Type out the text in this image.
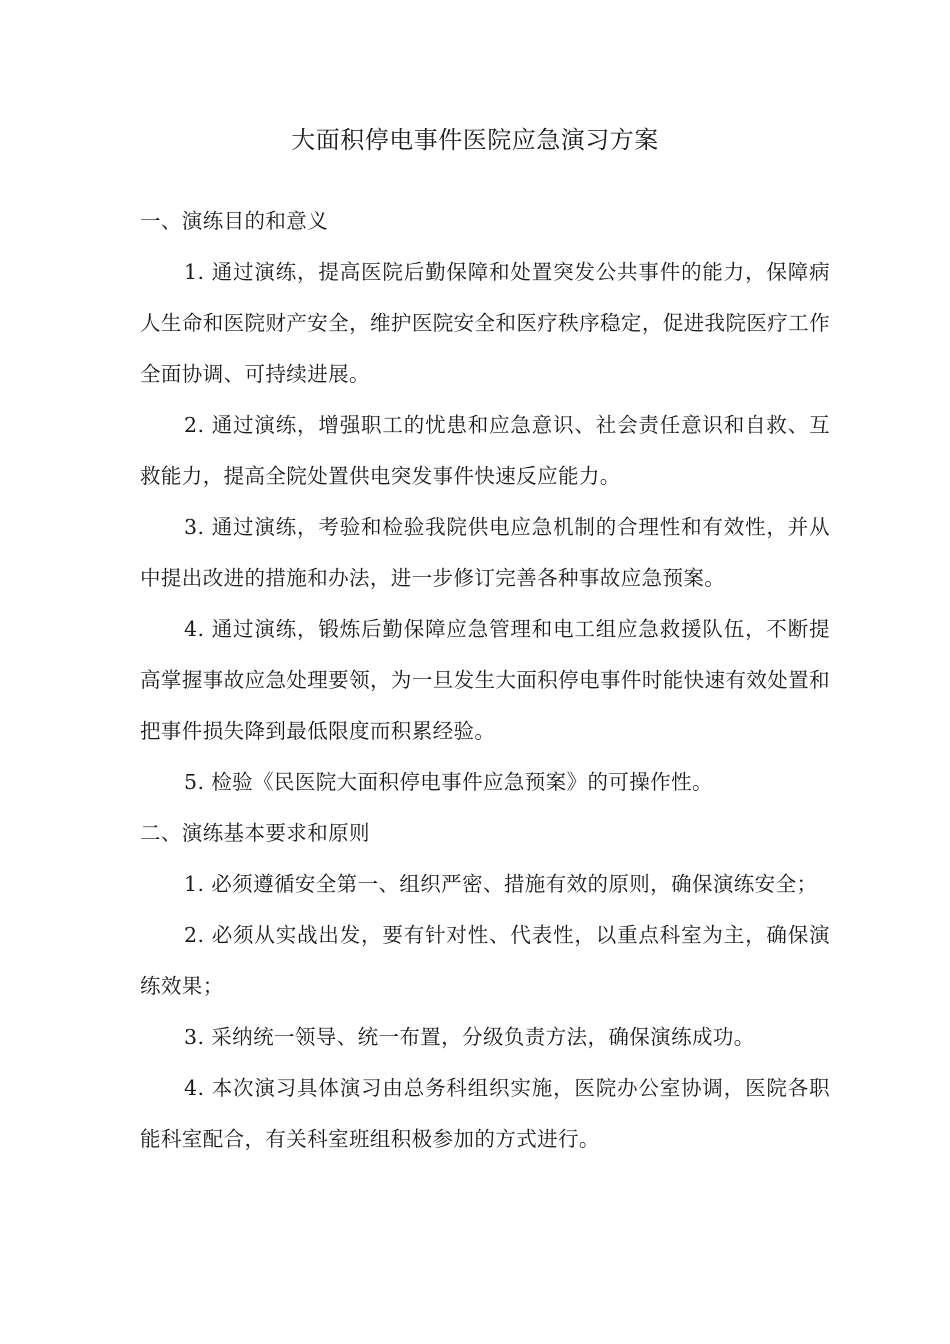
大面积停电事件医院应急演习方案

一、演练目的和意义

1. 通过演练，提高医院后勤保障和处置突发公共事件的能力，保障病人生命和医院财产安全，维护医院安全和医疗秩序稳定，促进我院医疗工作全面协调、可持续进展。

2. 通过演练，增强职工的忧患和应急意识、社会责任意识和自救、互救能力，提高全院处置供电突发事件快速反应能力。

3. 通过演练，考验和检验我院供电应急机制的合理性和有效性，并从中提出改进的措施和办法，进一步修订完善各种事故应急预案。

4. 通过演练，锻炼后勤保障应急管理和电工组应急救援队伍，不断提高掌握事故应急处理要领，为一旦发生大面积停电事件时能快速有效处置和把事件损失降到最低限度而积累经验。

5. 检验《民医院大面积停电事件应急预案》的可操作性。

二、演练基本要求和原则

1. 必须遵循安全第一、组织严密、措施有效的原则，确保演练安全；

2. 必须从实战出发，要有针对性、代表性，以重点科室为主，确保演练效果；

3. 采纳统一领导、统一布置，分级负责方法，确保演练成功。

4. 本次演习具体演习由总务科组织实施，医院办公室协调，医院各职能科室配合，有关科室班组积极参加的方式进行。
